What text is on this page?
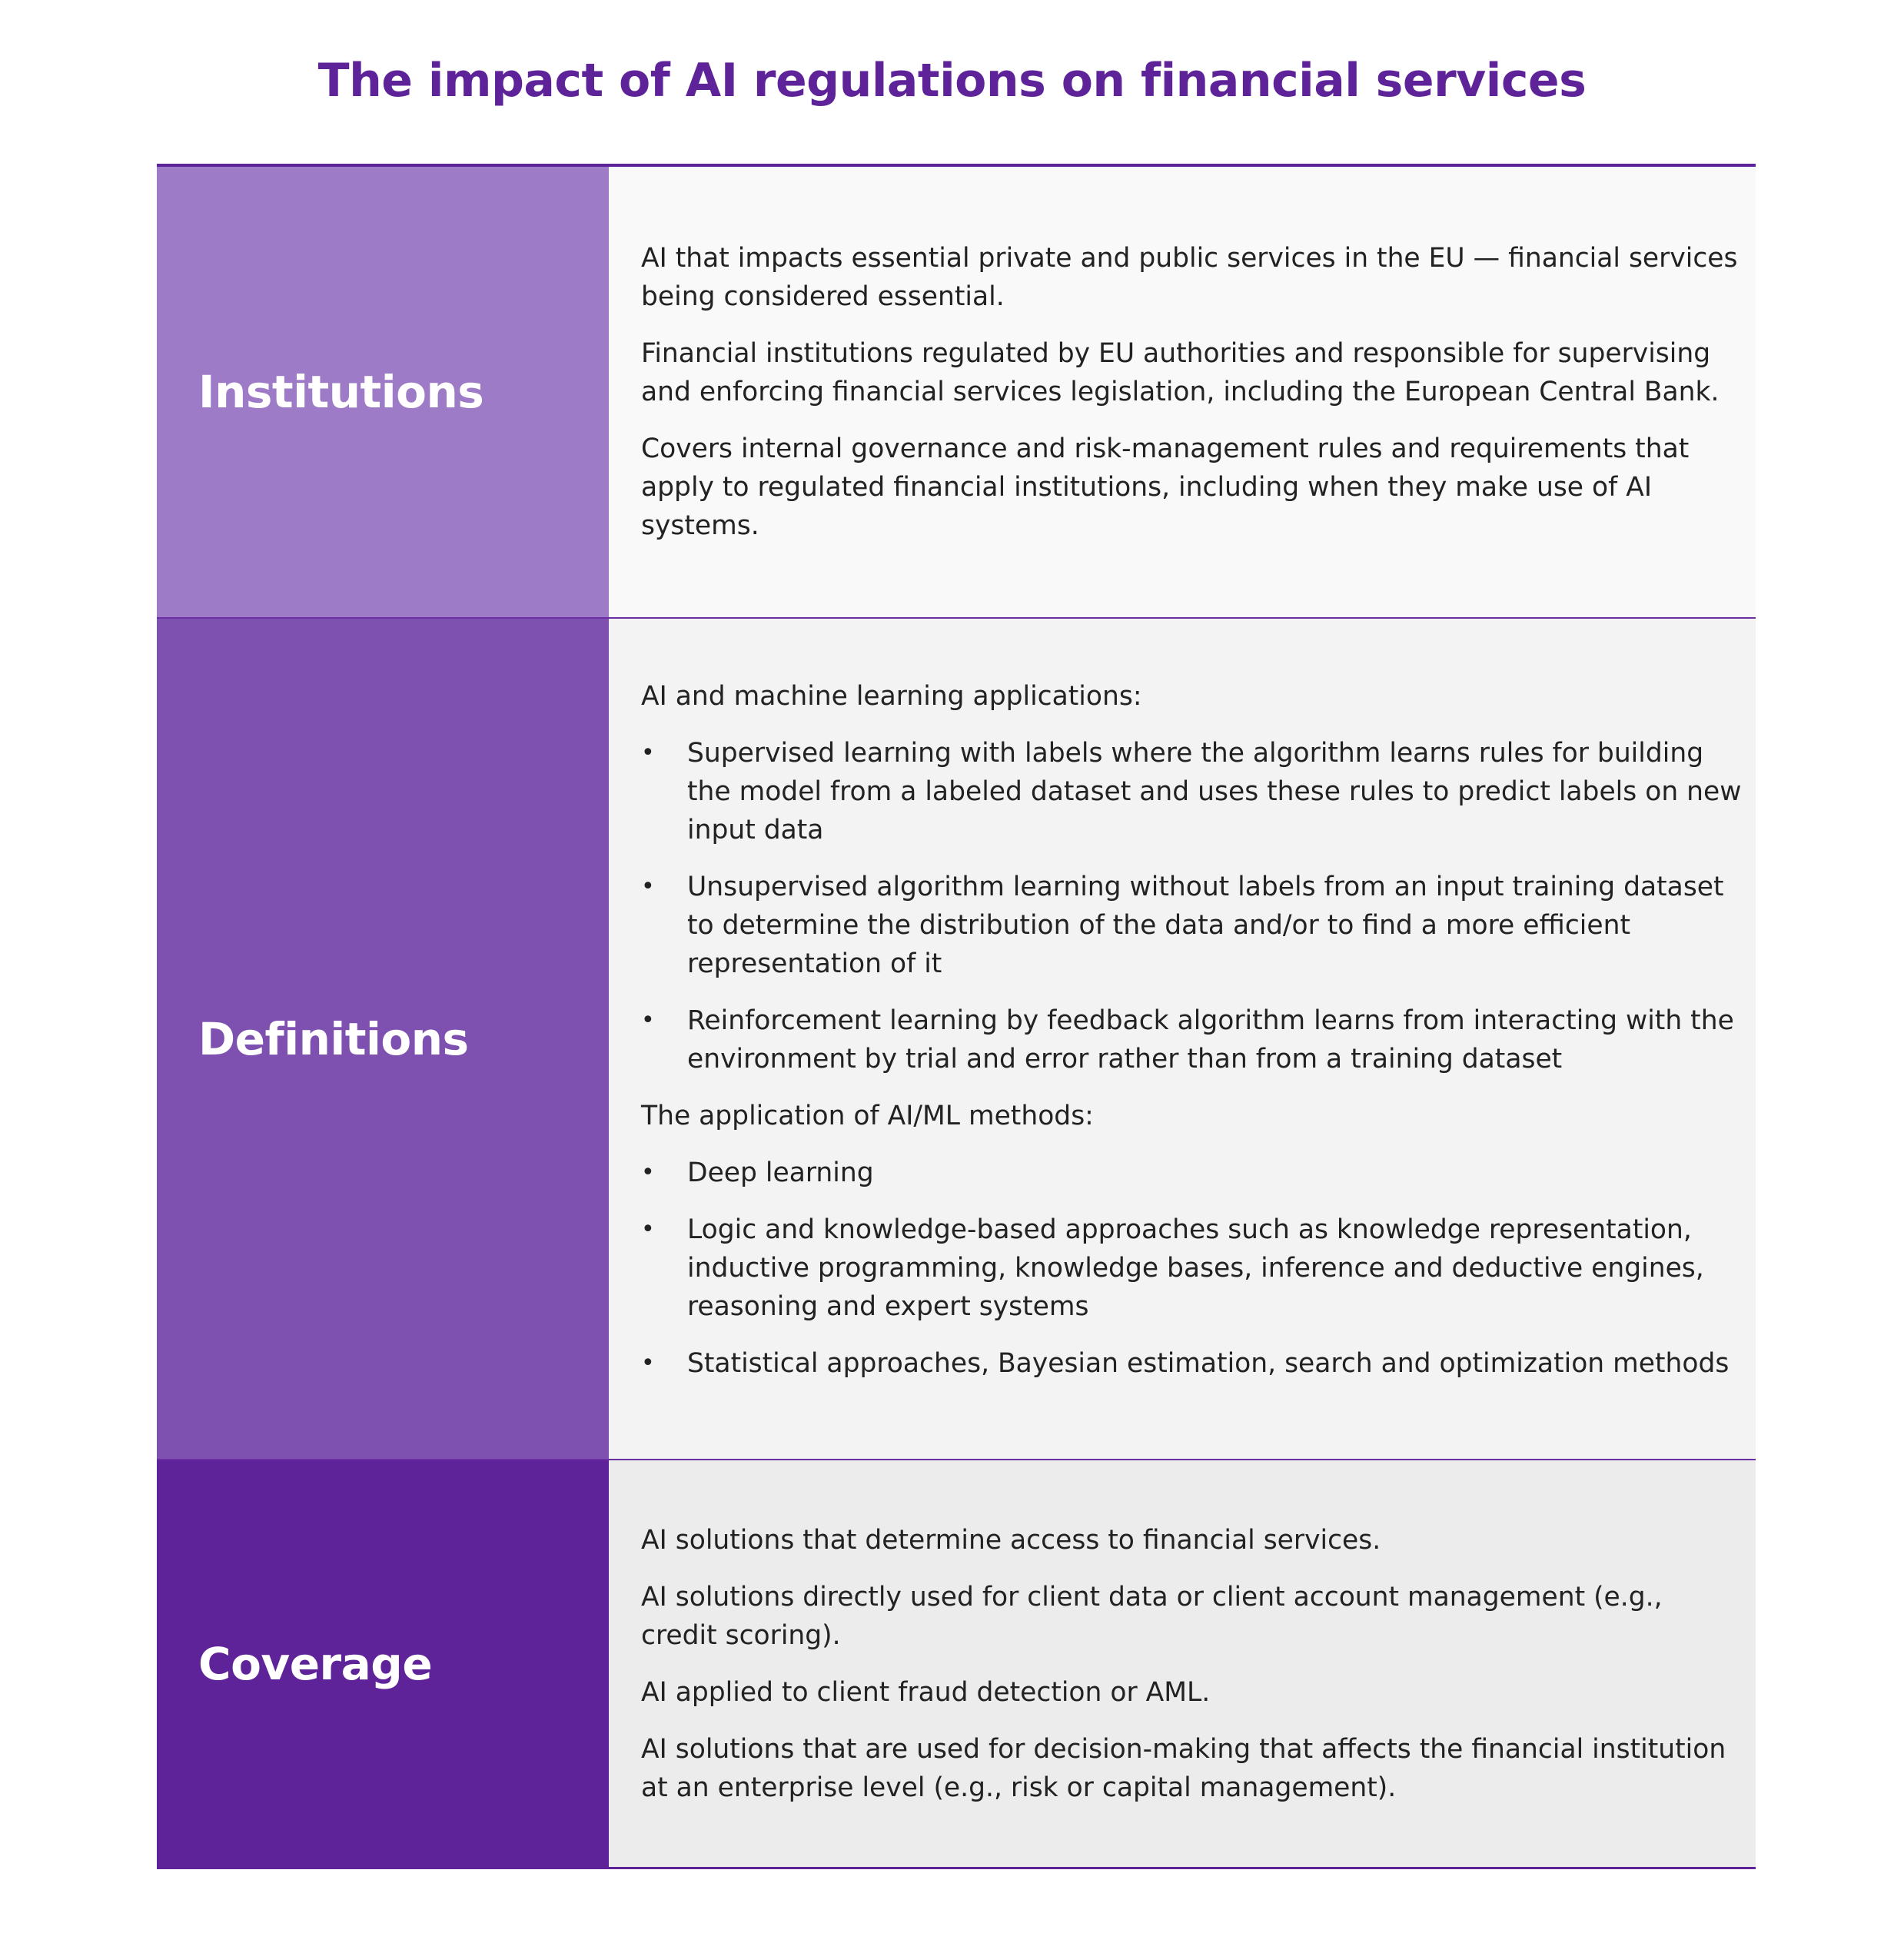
The impact of AI regulations on financial services
Institutions

AI that impacts essential private and public services in the EU — financial services being considered essential.

Financial institutions regulated by EU authorities and responsible for supervising and enforcing financial services legislation, including the European Central Bank.

Covers internal governance and risk-management rules and requirements that apply to regulated financial institutions, including when they make use of AI systems.

Definitions

AI and machine learning applications:

• Supervised learning with labels where the algorithm learns rules for building the model from a labeled dataset and uses these rules to predict labels on new input data
• Unsupervised algorithm learning without labels from an input training dataset to determine the distribution of the data and/or to find a more efficient representation of it
• Reinforcement learning by feedback algorithm learns from interacting with the environment by trial and error rather than from a training dataset

The application of AI/ML methods:

• Deep learning
• Logic and knowledge-based approaches such as knowledge representation, inductive programming, knowledge bases, inference and deductive engines, reasoning and expert systems
• Statistical approaches, Bayesian estimation, search and optimization methods
Coverage

AI solutions that determine access to financial services.

AI solutions directly used for client data or client account management (e.g., credit scoring).

AI applied to client fraud detection or AML.

AI solutions that are used for decision-making that affects the financial institution at an enterprise level (e.g., risk or capital management).
